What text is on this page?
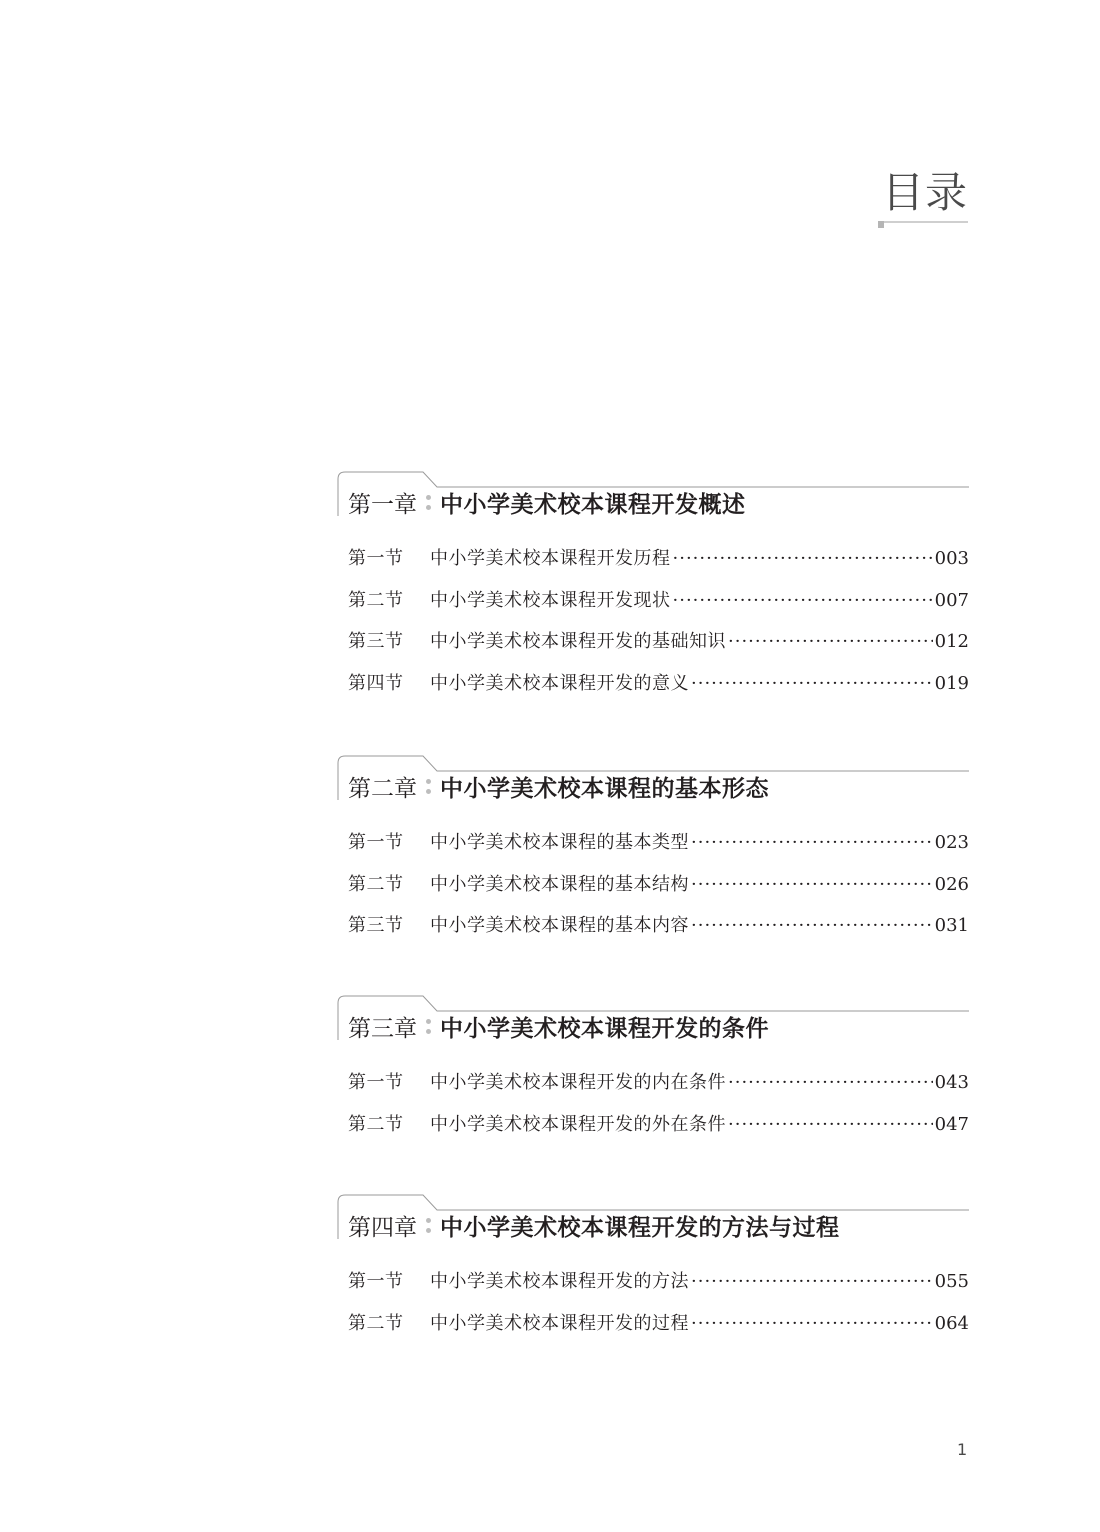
目录
第一章 中小学美术校本课程开发概述
第一节	中小学美术校本课程开发历程 ·····	003
第二节	中小学美术校本课程开发现状 ·····	007
第三节	中小学美术校本课程开发的基础知识 ·····	012
第四节	中小学美术校本课程开发的意义 ·····	019
第二章 中小学美术校本课程的基本形态
第一节	中小学美术校本课程的基本类型 ·····	023
第二节	中小学美术校本课程的基本结构 ·····	026
第三节	中小学美术校本课程的基本内容 ·····	031
第三章 中小学美术校本课程开发的条件
第一节	中小学美术校本课程开发的内在条件 ·····	043
第二节	中小学美术校本课程开发的外在条件 ·····	047
第四章 中小学美术校本课程开发的方法与过程
第一节	中小学美术校本课程开发的方法 ·····	055
第二节	中小学美术校本课程开发的过程 ·····	064
1
